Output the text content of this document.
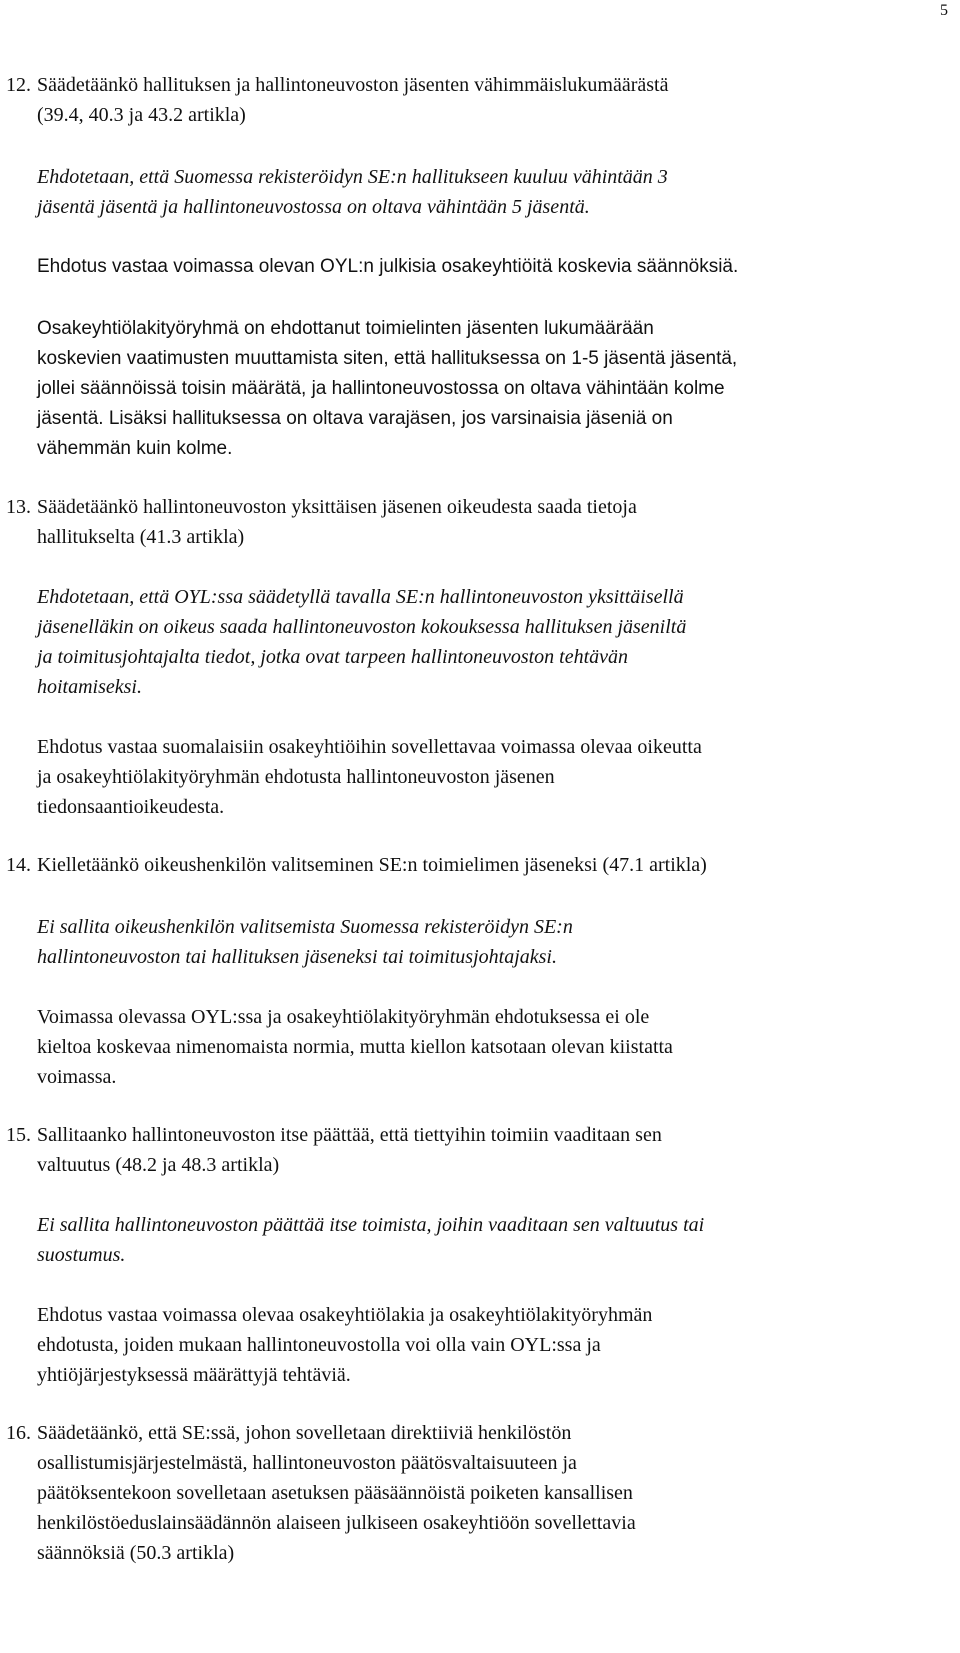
5
12. Säädetäänkö hallituksen ja hallintoneuvoston jäsenten vähimmäislukumäärästä
(39.4, 40.3 ja 43.2 artikla)
Ehdotetaan, että Suomessa rekisteröidyn SE:n hallitukseen kuuluu vähintään 3
jäsentä jäsentä ja hallintoneuvostossa on oltava vähintään 5 jäsentä.
Ehdotus vastaa voimassa olevan OYL:n julkisia osakeyhtiöitä koskevia säännöksiä.
Osakeyhtiölakityöryhmä on ehdottanut toimielinten jäsenten lukumäärään
koskevien vaatimusten muuttamista siten, että hallituksessa on 1-5 jäsentä jäsentä,
jollei säännöissä toisin määrätä, ja hallintoneuvostossa on oltava vähintään kolme
jäsentä. Lisäksi hallituksessa on oltava varajäsen, jos varsinaisia jäseniä on
vähemmän kuin kolme.
13. Säädetäänkö hallintoneuvoston yksittäisen jäsenen oikeudesta saada tietoja
hallitukselta (41.3 artikla)
Ehdotetaan, että OYL:ssa säädetyllä tavalla SE:n hallintoneuvoston yksittäisellä
jäsenelläkin on oikeus saada hallintoneuvoston kokouksessa hallituksen jäseniltä
ja toimitusjohtajalta tiedot, jotka ovat tarpeen hallintoneuvoston tehtävän
hoitamiseksi.
Ehdotus vastaa suomalaisiin osakeyhtiöihin sovellettavaa voimassa olevaa oikeutta
ja osakeyhtiölakityöryhmän ehdotusta hallintoneuvoston jäsenen
tiedonsaantioikeudesta.
14. Kielletäänkö oikeushenkilön valitseminen SE:n toimielimen jäseneksi (47.1 artikla)
Ei sallita oikeushenkilön valitsemista Suomessa rekisteröidyn SE:n
hallintoneuvoston tai hallituksen jäseneksi tai toimitusjohtajaksi.
Voimassa olevassa OYL:ssa ja osakeyhtiölakityöryhmän ehdotuksessa ei ole
kieltoa koskevaa nimenomaista normia, mutta kiellon katsotaan olevan kiistatta
voimassa.
15. Sallitaanko hallintoneuvoston itse päättää, että tiettyihin toimiin vaaditaan sen
valtuutus (48.2 ja 48.3 artikla)
Ei sallita hallintoneuvoston päättää itse toimista, joihin vaaditaan sen valtuutus tai
suostumus.
Ehdotus vastaa voimassa olevaa osakeyhtiölakia ja osakeyhtiölakityöryhmän
ehdotusta, joiden mukaan hallintoneuvostolla voi olla vain OYL:ssa ja
yhtiöjärjestyksessä määrättyjä tehtäviä.
16. Säädetäänkö, että SE:ssä, johon sovelletaan direktiiviä henkilöstön
osallistumisjärjestelmästä, hallintoneuvoston päätösvaltaisuuteen ja
päätöksentekoon sovelletaan asetuksen pääsäännöistä poiketen kansallisen
henkilöstöeduslainsäädännön alaiseen julkiseen osakeyhtiöön sovellettavia
säännöksiä (50.3 artikla)
